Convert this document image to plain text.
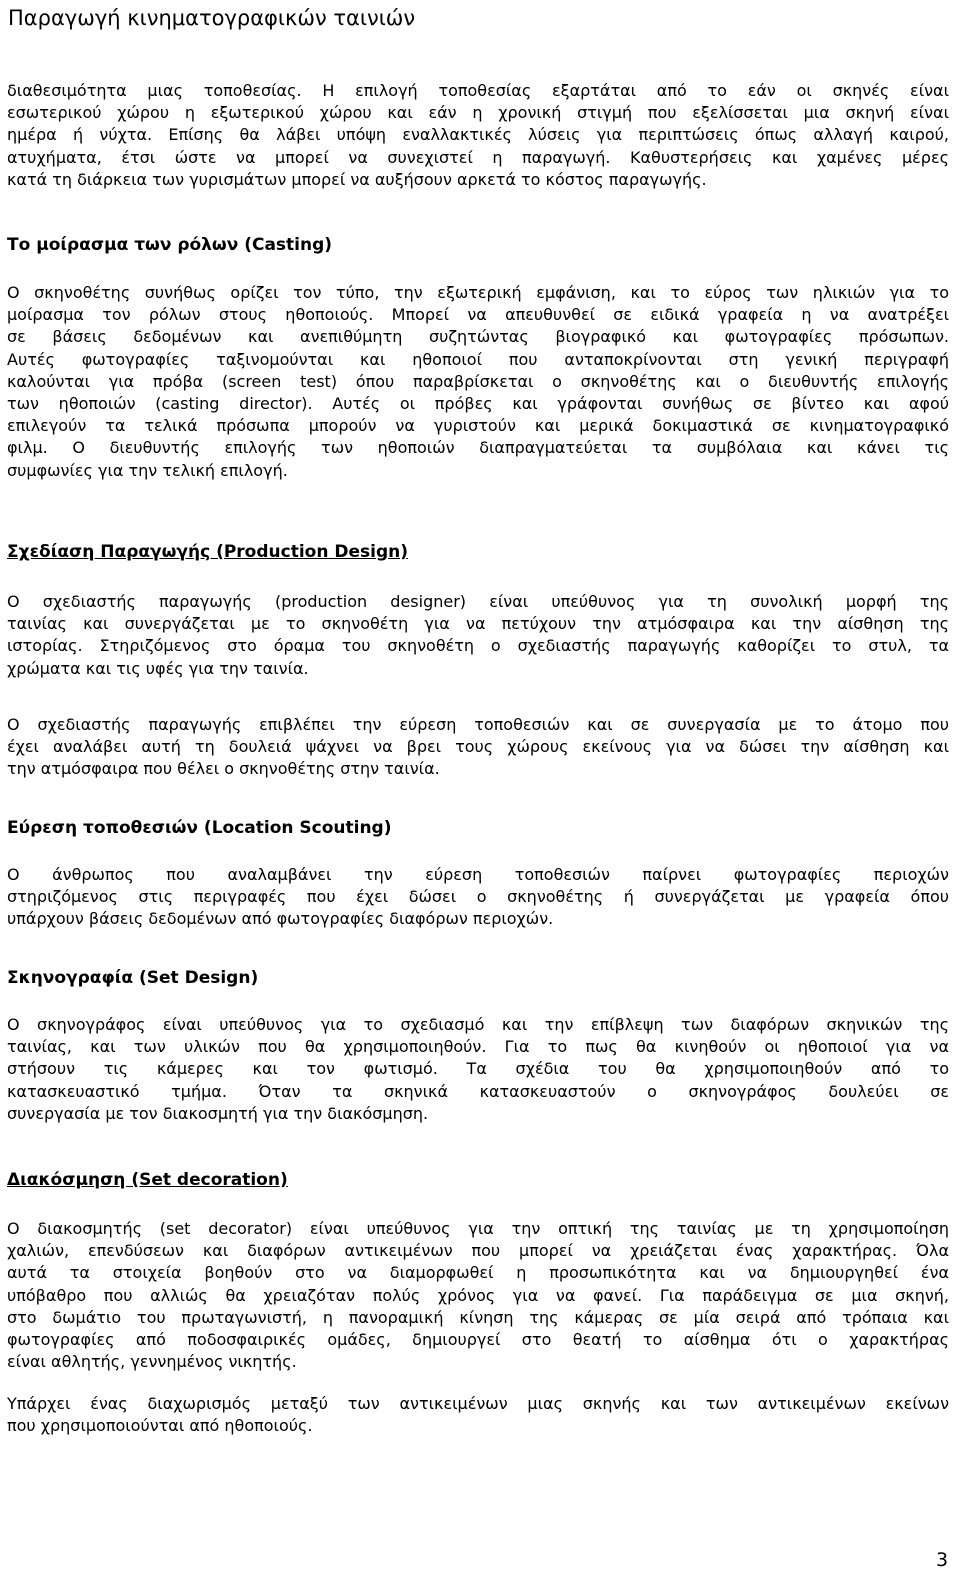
Παραγωγή κινηματογραφικών ταινιών

διαθεσιμότητα μιας τοποθεσίας. Η επιλογή τοποθεσίας εξαρτάται από το εάν οι σκηνές είναι
εσωτερικού χώρου η εξωτερικού χώρου και εάν η χρονική στιγμή που εξελίσσεται μια σκηνή είναι
ημέρα ή νύχτα. Επίσης θα λάβει υπόψη εναλλακτικές λύσεις για περιπτώσεις όπως αλλαγή καιρού,
ατυχήματα, έτσι ώστε να μπορεί να συνεχιστεί η παραγωγή. Καθυστερήσεις και χαμένες μέρες
κατά τη διάρκεια των γυρισμάτων μπορεί να αυξήσουν αρκετά το κόστος παραγωγής.

Το μοίρασμα των ρόλων (Casting)

Ο σκηνοθέτης συνήθως ορίζει τον τύπο, την εξωτερική εμφάνιση, και το εύρος των ηλικιών για το
μοίρασμα τον ρόλων στους ηθοποιούς. Μπορεί να απευθυνθεί σε ειδικά γραφεία η να ανατρέξει
σε βάσεις δεδομένων και ανεπιθύμητη συζητώντας βιογραφικό και φωτογραφίες πρόσωπων.
Αυτές φωτογραφίες ταξινομούνται και ηθοποιοί που ανταποκρίνονται στη γενική περιγραφή
καλούνται για πρόβα (screen test) όπου παραβρίσκεται ο σκηνοθέτης και ο διευθυντής επιλογής
των ηθοποιών (casting director). Αυτές οι πρόβες και γράφονται συνήθως σε βίντεο και αφού
επιλεγούν τα τελικά πρόσωπα μπορούν να γυριστούν και μερικά δοκιμαστικά σε κινηματογραφικό
φιλμ. Ο διευθυντής επιλογής των ηθοποιών διαπραγματεύεται τα συμβόλαια και κάνει τις
συμφωνίες για την τελική επιλογή.

Σχεδίαση Παραγωγής (Production Design)

Ο σχεδιαστής παραγωγής (production designer) είναι υπεύθυνος για τη συνολική μορφή της
ταινίας και συνεργάζεται με το σκηνοθέτη για να πετύχουν την ατμόσφαιρα και την αίσθηση της
ιστορίας. Στηριζόμενος στο όραμα του σκηνοθέτη ο σχεδιαστής παραγωγής καθορίζει το στυλ, τα
χρώματα και τις υφές για την ταινία.

Ο σχεδιαστής παραγωγής επιβλέπει την εύρεση τοποθεσιών και σε συνεργασία με το άτομο που
έχει αναλάβει αυτή τη δουλειά ψάχνει να βρει τους χώρους εκείνους για να δώσει την αίσθηση και
την ατμόσφαιρα που θέλει ο σκηνοθέτης στην ταινία.

Εύρεση τοποθεσιών (Location Scouting)

Ο άνθρωπος που αναλαμβάνει την εύρεση τοποθεσιών παίρνει φωτογραφίες περιοχών
στηριζόμενος στις περιγραφές που έχει δώσει ο σκηνοθέτης ή συνεργάζεται με γραφεία όπου
υπάρχουν βάσεις δεδομένων από φωτογραφίες διαφόρων περιοχών.

Σκηνογραφία (Set Design)

Ο σκηνογράφος είναι υπεύθυνος για το σχεδιασμό και την επίβλεψη των διαφόρων σκηνικών της
ταινίας, και των υλικών που θα χρησιμοποιηθούν. Για το πως θα κινηθούν οι ηθοποιοί για να
στήσουν τις κάμερες και τον φωτισμό. Τα σχέδια του θα χρησιμοποιηθούν από το
κατασκευαστικό τμήμα. Όταν τα σκηνικά κατασκευαστούν ο σκηνογράφος δουλεύει σε
συνεργασία με τον διακοσμητή για την διακόσμηση.

Διακόσμηση (Set decoration)

Ο διακοσμητής (set decorator) είναι υπεύθυνος για την οπτική της ταινίας με τη χρησιμοποίηση
χαλιών, επενδύσεων και διαφόρων αντικειμένων που μπορεί να χρειάζεται ένας χαρακτήρας. Όλα
αυτά τα στοιχεία βοηθούν στο να διαμορφωθεί η προσωπικότητα και να δημιουργηθεί ένα
υπόβαθρο που αλλιώς θα χρειαζόταν πολύς χρόνος για να φανεί. Για παράδειγμα σε μια σκηνή,
στο δωμάτιο του πρωταγωνιστή, η πανοραμική κίνηση της κάμερας σε μία σειρά από τρόπαια και
φωτογραφίες από ποδοσφαιρικές ομάδες, δημιουργεί στο θεατή το αίσθημα ότι ο χαρακτήρας
είναι αθλητής, γεννημένος νικητής.

Υπάρχει ένας διαχωρισμός μεταξύ των αντικειμένων μιας σκηνής και των αντικειμένων εκείνων
που χρησιμοποιούνται από ηθοποιούς.

3
